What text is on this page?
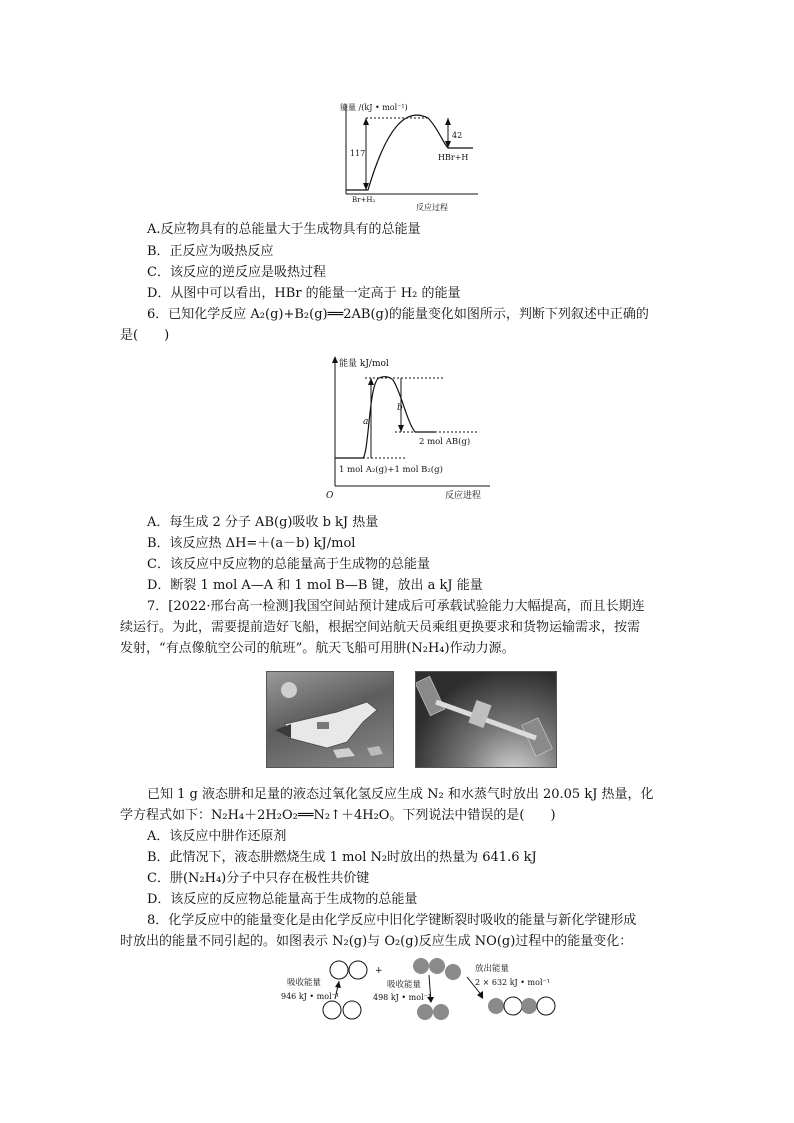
能量 /(kJ • mol⁻¹)
反应过程
117
42
Br+H₂
HBr+H
A.反应物具有的总能量大于生成物具有的总能量
B．正反应为吸热反应
C．该反应的逆反应是吸热过程
D．从图中可以看出，HBr 的能量一定高于 H₂ 的能量
6．已知化学反应 A₂(g)+B₂(g)══2AB(g)的能量变化如图所示，判断下列叙述中正确的
是(　　)
能量 kJ/mol
反应进程
O
a
b
2 mol AB(g)
1 mol A₂(g)+1 mol B₂(g)
A．每生成 2 分子 AB(g)吸收 b kJ 热量
B．该反应热 ΔH=＋(a－b) kJ/mol
C．该反应中反应物的总能量高于生成物的总能量
D．断裂 1 mol A—A 和 1 mol B—B 键，放出 a kJ 能量
7．[2022·邢台高一检测]我国空间站预计建成后可承载试验能力大幅提高，而且长期连
续运行。为此，需要提前造好飞船，根据空间站航天员乘组更换要求和货物运输需求，按需
发射，“有点像航空公司的航班”。航天飞船可用肼(N₂H₄)作动力源。
已知 1 g 液态肼和足量的液态过氧化氢反应生成 N₂ 和水蒸气时放出 20.05 kJ 热量，化
学方程式如下：N₂H₄＋2H₂O₂══N₂↑＋4H₂O。下列说法中错误的是(　　)
A．该反应中肼作还原剂
B．此情况下，液态肼燃烧生成 1 mol N₂时放出的热量为 641.6 kJ
C．肼(N₂H₄)分子中只存在极性共价键
D．该反应的反应物总能量高于生成物的总能量
8．化学反应中的能量变化是由化学反应中旧化学键断裂时吸收的能量与新化学键形成
时放出的能量不同引起的。如图表示 N₂(g)与 O₂(g)反应生成 NO(g)过程中的能量变化：
+
吸收能量
946 kJ • mol⁻¹
吸收能量
498 kJ • mol⁻¹
放出能量
2 × 632 kJ • mol⁻¹
